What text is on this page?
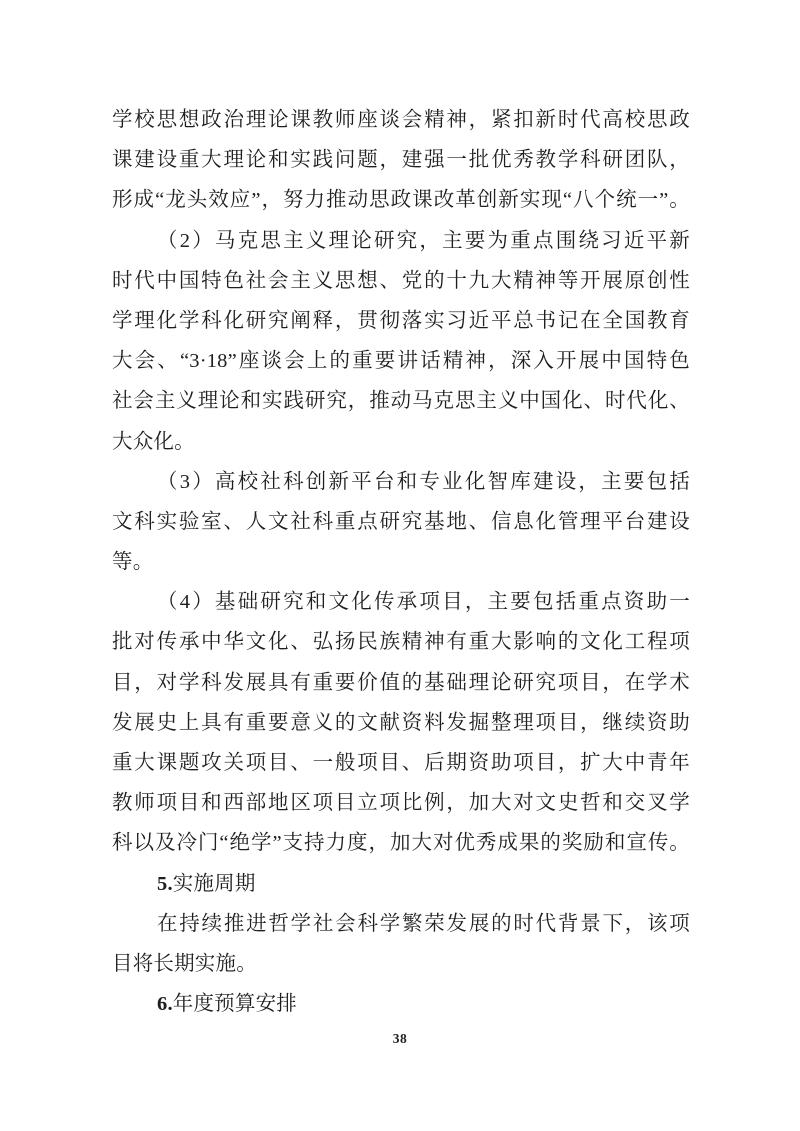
学校思想政治理论课教师座谈会精神，紧扣新时代高校思政
课建设重大理论和实践问题，建强一批优秀教学科研团队，
形成“龙头效应”，努力推动思政课改革创新实现“八个统一”。
（2）马克思主义理论研究，主要为重点围绕习近平新
时代中国特色社会主义思想、党的十九大精神等开展原创性
学理化学科化研究阐释，贯彻落实习近平总书记在全国教育
大会、“3·18”座谈会上的重要讲话精神，深入开展中国特色
社会主义理论和实践研究，推动马克思主义中国化、时代化、
大众化。
（3）高校社科创新平台和专业化智库建设，主要包括
文科实验室、人文社科重点研究基地、信息化管理平台建设
等。
（4）基础研究和文化传承项目，主要包括重点资助一
批对传承中华文化、弘扬民族精神有重大影响的文化工程项
目，对学科发展具有重要价值的基础理论研究项目，在学术
发展史上具有重要意义的文献资料发掘整理项目，继续资助
重大课题攻关项目、一般项目、后期资助项目，扩大中青年
教师项目和西部地区项目立项比例，加大对文史哲和交叉学
科以及冷门“绝学”支持力度，加大对优秀成果的奖励和宣传。
5.实施周期
在持续推进哲学社会科学繁荣发展的时代背景下，该项
目将长期实施。
6.年度预算安排
38
